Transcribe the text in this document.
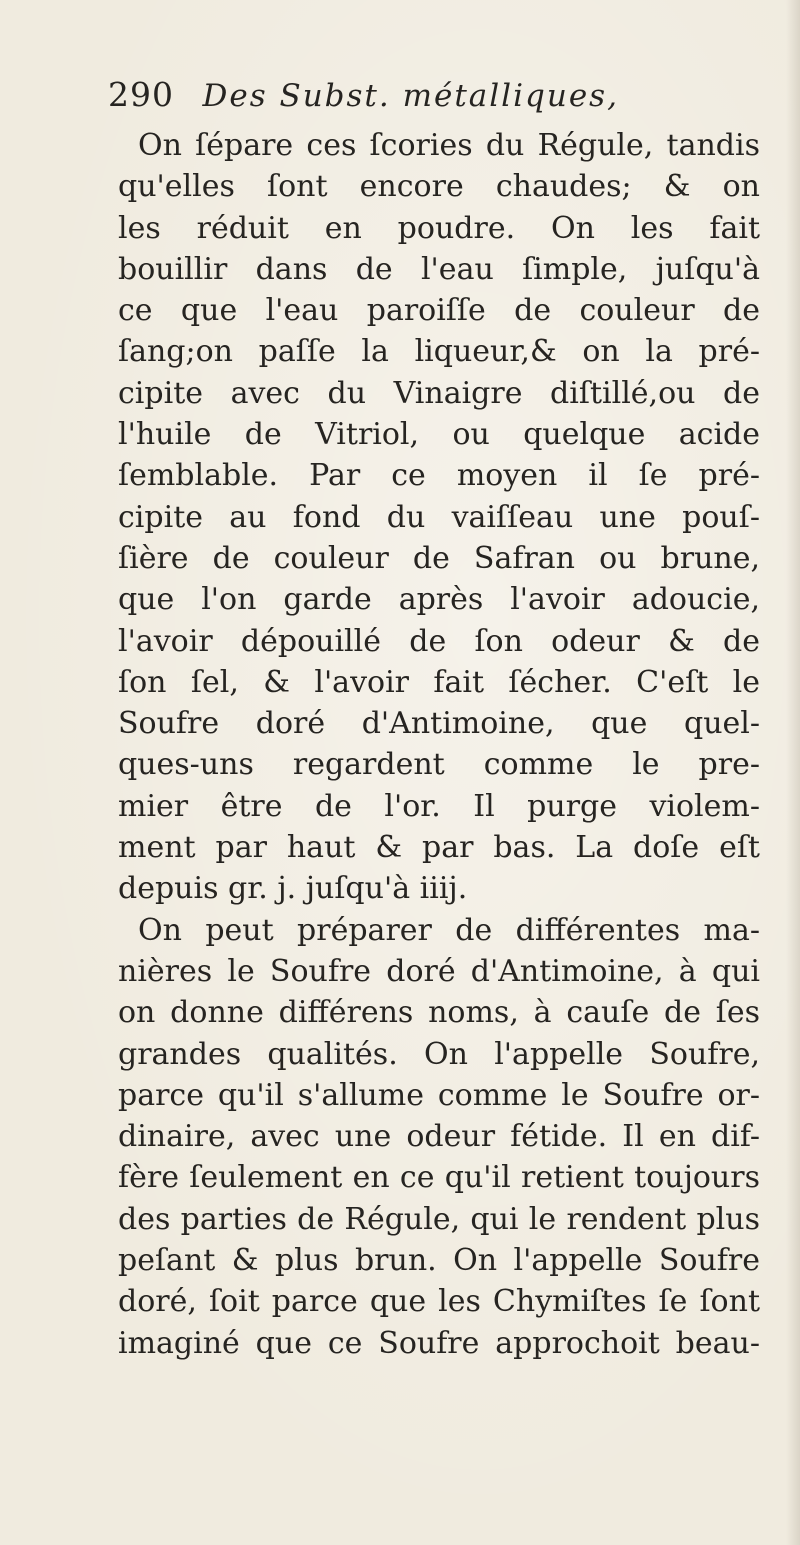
290 Des Subst. métalliques,
On ſépare ces ſcories du Régule, tandis
qu'elles ſont encore chaudes; & on
les réduit en poudre. On les fait
bouillir dans de l'eau ſimple, juſqu'à
ce que l'eau paroiſſe de couleur de
ſang;on paſſe la liqueur,& on la pré-
cipite avec du Vinaigre diſtillé,ou de
l'huile de Vitriol, ou quelque acide
ſemblable. Par ce moyen il ſe pré-
cipite au fond du vaiſſeau une pouſ-
ſière de couleur de Safran ou brune,
que l'on garde après l'avoir adoucie,
l'avoir dépouillé de ſon odeur & de
ſon ſel, & l'avoir fait ſécher. C'eſt le
Soufre doré d'Antimoine, que quel-
ques-uns regardent comme le pre-
mier être de l'or. Il purge violem-
ment par haut & par bas. La doſe eſt
depuis gr. j. juſqu'à iiij.
On peut préparer de différentes ma-
nières le Soufre doré d'Antimoine, à qui
on donne différens noms, à cauſe de ſes
grandes qualités. On l'appelle Soufre,
parce qu'il s'allume comme le Soufre or-
dinaire, avec une odeur fétide. Il en dif-
fère ſeulement en ce qu'il retient toujours
des parties de Régule, qui le rendent plus
peſant & plus brun. On l'appelle Soufre
doré, ſoit parce que les Chymiſtes ſe ſont
imaginé que ce Soufre approchoit beau-
